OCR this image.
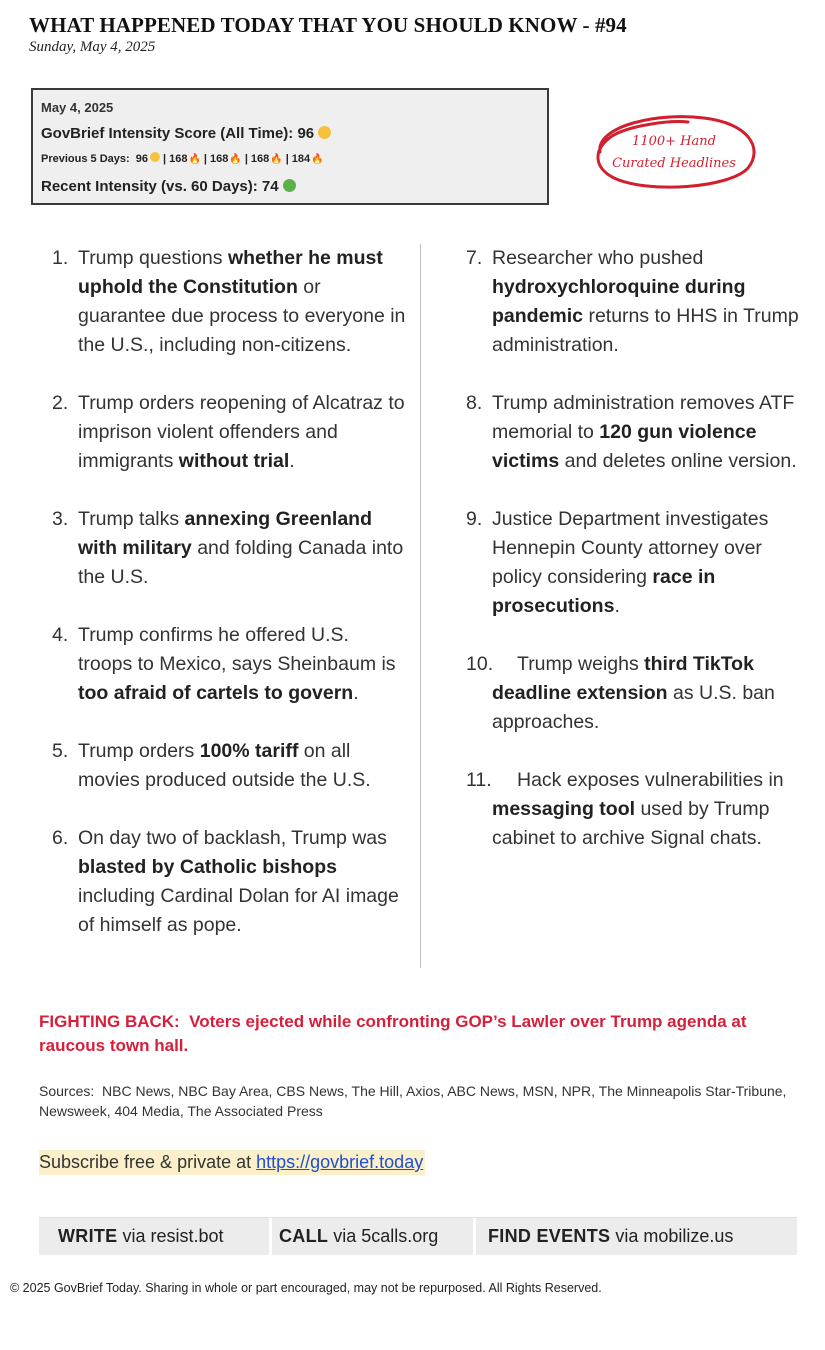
WHAT HAPPENED TODAY THAT YOU SHOULD KNOW - #94
Sunday, May 4, 2025
May 4, 2025
GovBrief Intensity Score (All Time): 96
Previous 5 Days: 96 | 168🔥 | 168🔥 | 168🔥 | 184🔥
Recent Intensity (vs. 60 Days): 74
1100+ Hand
Curated Headlines
1. Trump questions whether he must uphold the Constitution or guarantee due process to everyone in the U.S., including non-citizens.
2. Trump orders reopening of Alcatraz to imprison violent offenders and immigrants without trial.
3. Trump talks annexing Greenland with military and folding Canada into the U.S.
4. Trump confirms he offered U.S. troops to Mexico, says Sheinbaum is too afraid of cartels to govern.
5. Trump orders 100% tariff on all movies produced outside the U.S.
6. On day two of backlash, Trump was blasted by Catholic bishops including Cardinal Dolan for AI image of himself as pope.
7. Researcher who pushed hydroxychloroquine during pandemic returns to HHS in Trump administration.
8. Trump administration removes ATF memorial to 120 gun violence victims and deletes online version.
9. Justice Department investigates Hennepin County attorney over policy considering race in prosecutions.
10. Trump weighs third TikTok deadline extension as U.S. ban approaches.
11. Hack exposes vulnerabilities in messaging tool used by Trump cabinet to archive Signal chats.
FIGHTING BACK: Voters ejected while confronting GOP’s Lawler over Trump agenda at raucous town hall.
Sources: NBC News, NBC Bay Area, CBS News, The Hill, Axios, ABC News, MSN, NPR, The Minneapolis Star-Tribune, Newsweek, 404 Media, The Associated Press
Subscribe free & private at https://govbrief.today
WRITE via resist.bot	CALL via 5calls.org	FIND EVENTS via mobilize.us
© 2025 GovBrief Today. Sharing in whole or part encouraged, may not be repurposed. All Rights Reserved.
